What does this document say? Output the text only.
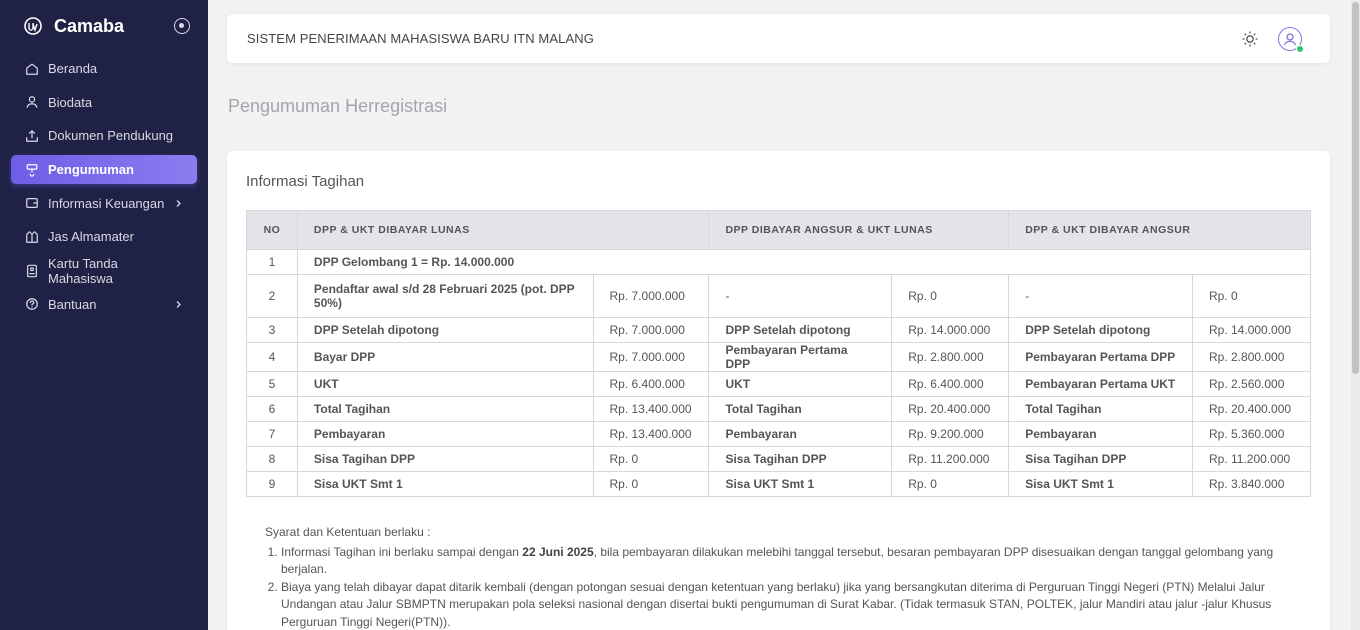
Camaba
Beranda
Biodata
Dokumen Pendukung
Pengumuman
Informasi Keuangan
Jas Almamater
Kartu Tanda Mahasiswa
Bantuan
SISTEM PENERIMAAN MAHASISWA BARU ITN MALANG
Pengumuman Herregistrasi
Informasi Tagihan
NO	DPP & UKT DIBAYAR LUNAS		DPP DIBAYAR ANGSUR & UKT LUNAS		DPP & UKT DIBAYAR ANGSUR	
1	DPP Gelombang 1 = Rp. 14.000.000					
2	Pendaftar awal s/d 28 Februari 2025 (pot. DPP 50%)	Rp. 7.000.000	-	Rp. 0	-	Rp. 0
3	DPP Setelah dipotong	Rp. 7.000.000	DPP Setelah dipotong	Rp. 14.000.000	DPP Setelah dipotong	Rp. 14.000.000
4	Bayar DPP	Rp. 7.000.000	Pembayaran Pertama DPP	Rp. 2.800.000	Pembayaran Pertama DPP	Rp. 2.800.000
5	UKT	Rp. 6.400.000	UKT	Rp. 6.400.000	Pembayaran Pertama UKT	Rp. 2.560.000
6	Total Tagihan	Rp. 13.400.000	Total Tagihan	Rp. 20.400.000	Total Tagihan	Rp. 20.400.000
7	Pembayaran	Rp. 13.400.000	Pembayaran	Rp. 9.200.000	Pembayaran	Rp. 5.360.000
8	Sisa Tagihan DPP	Rp. 0	Sisa Tagihan DPP	Rp. 11.200.000	Sisa Tagihan DPP	Rp. 11.200.000
9	Sisa UKT Smt 1	Rp. 0	Sisa UKT Smt 1	Rp. 0	Sisa UKT Smt 1	Rp. 3.840.000
Syarat dan Ketentuan berlaku :
1. Informasi Tagihan ini berlaku sampai dengan 22 Juni 2025, bila pembayaran dilakukan melebihi tanggal tersebut, besaran pembayaran DPP disesuaikan dengan tanggal gelombang yang berjalan.
2. Biaya yang telah dibayar dapat ditarik kembali (dengan potongan sesuai dengan ketentuan yang berlaku) jika yang bersangkutan diterima di Perguruan Tinggi Negeri (PTN) Melalui Jalur Undangan atau Jalur SBMPTN merupakan pola seleksi nasional dengan disertai bukti pengumuman di Surat Kabar. (Tidak termasuk STAN, POLTEK, jalur Mandiri atau jalur -jalur Khusus Perguruan Tinggi Negeri(PTN)).
